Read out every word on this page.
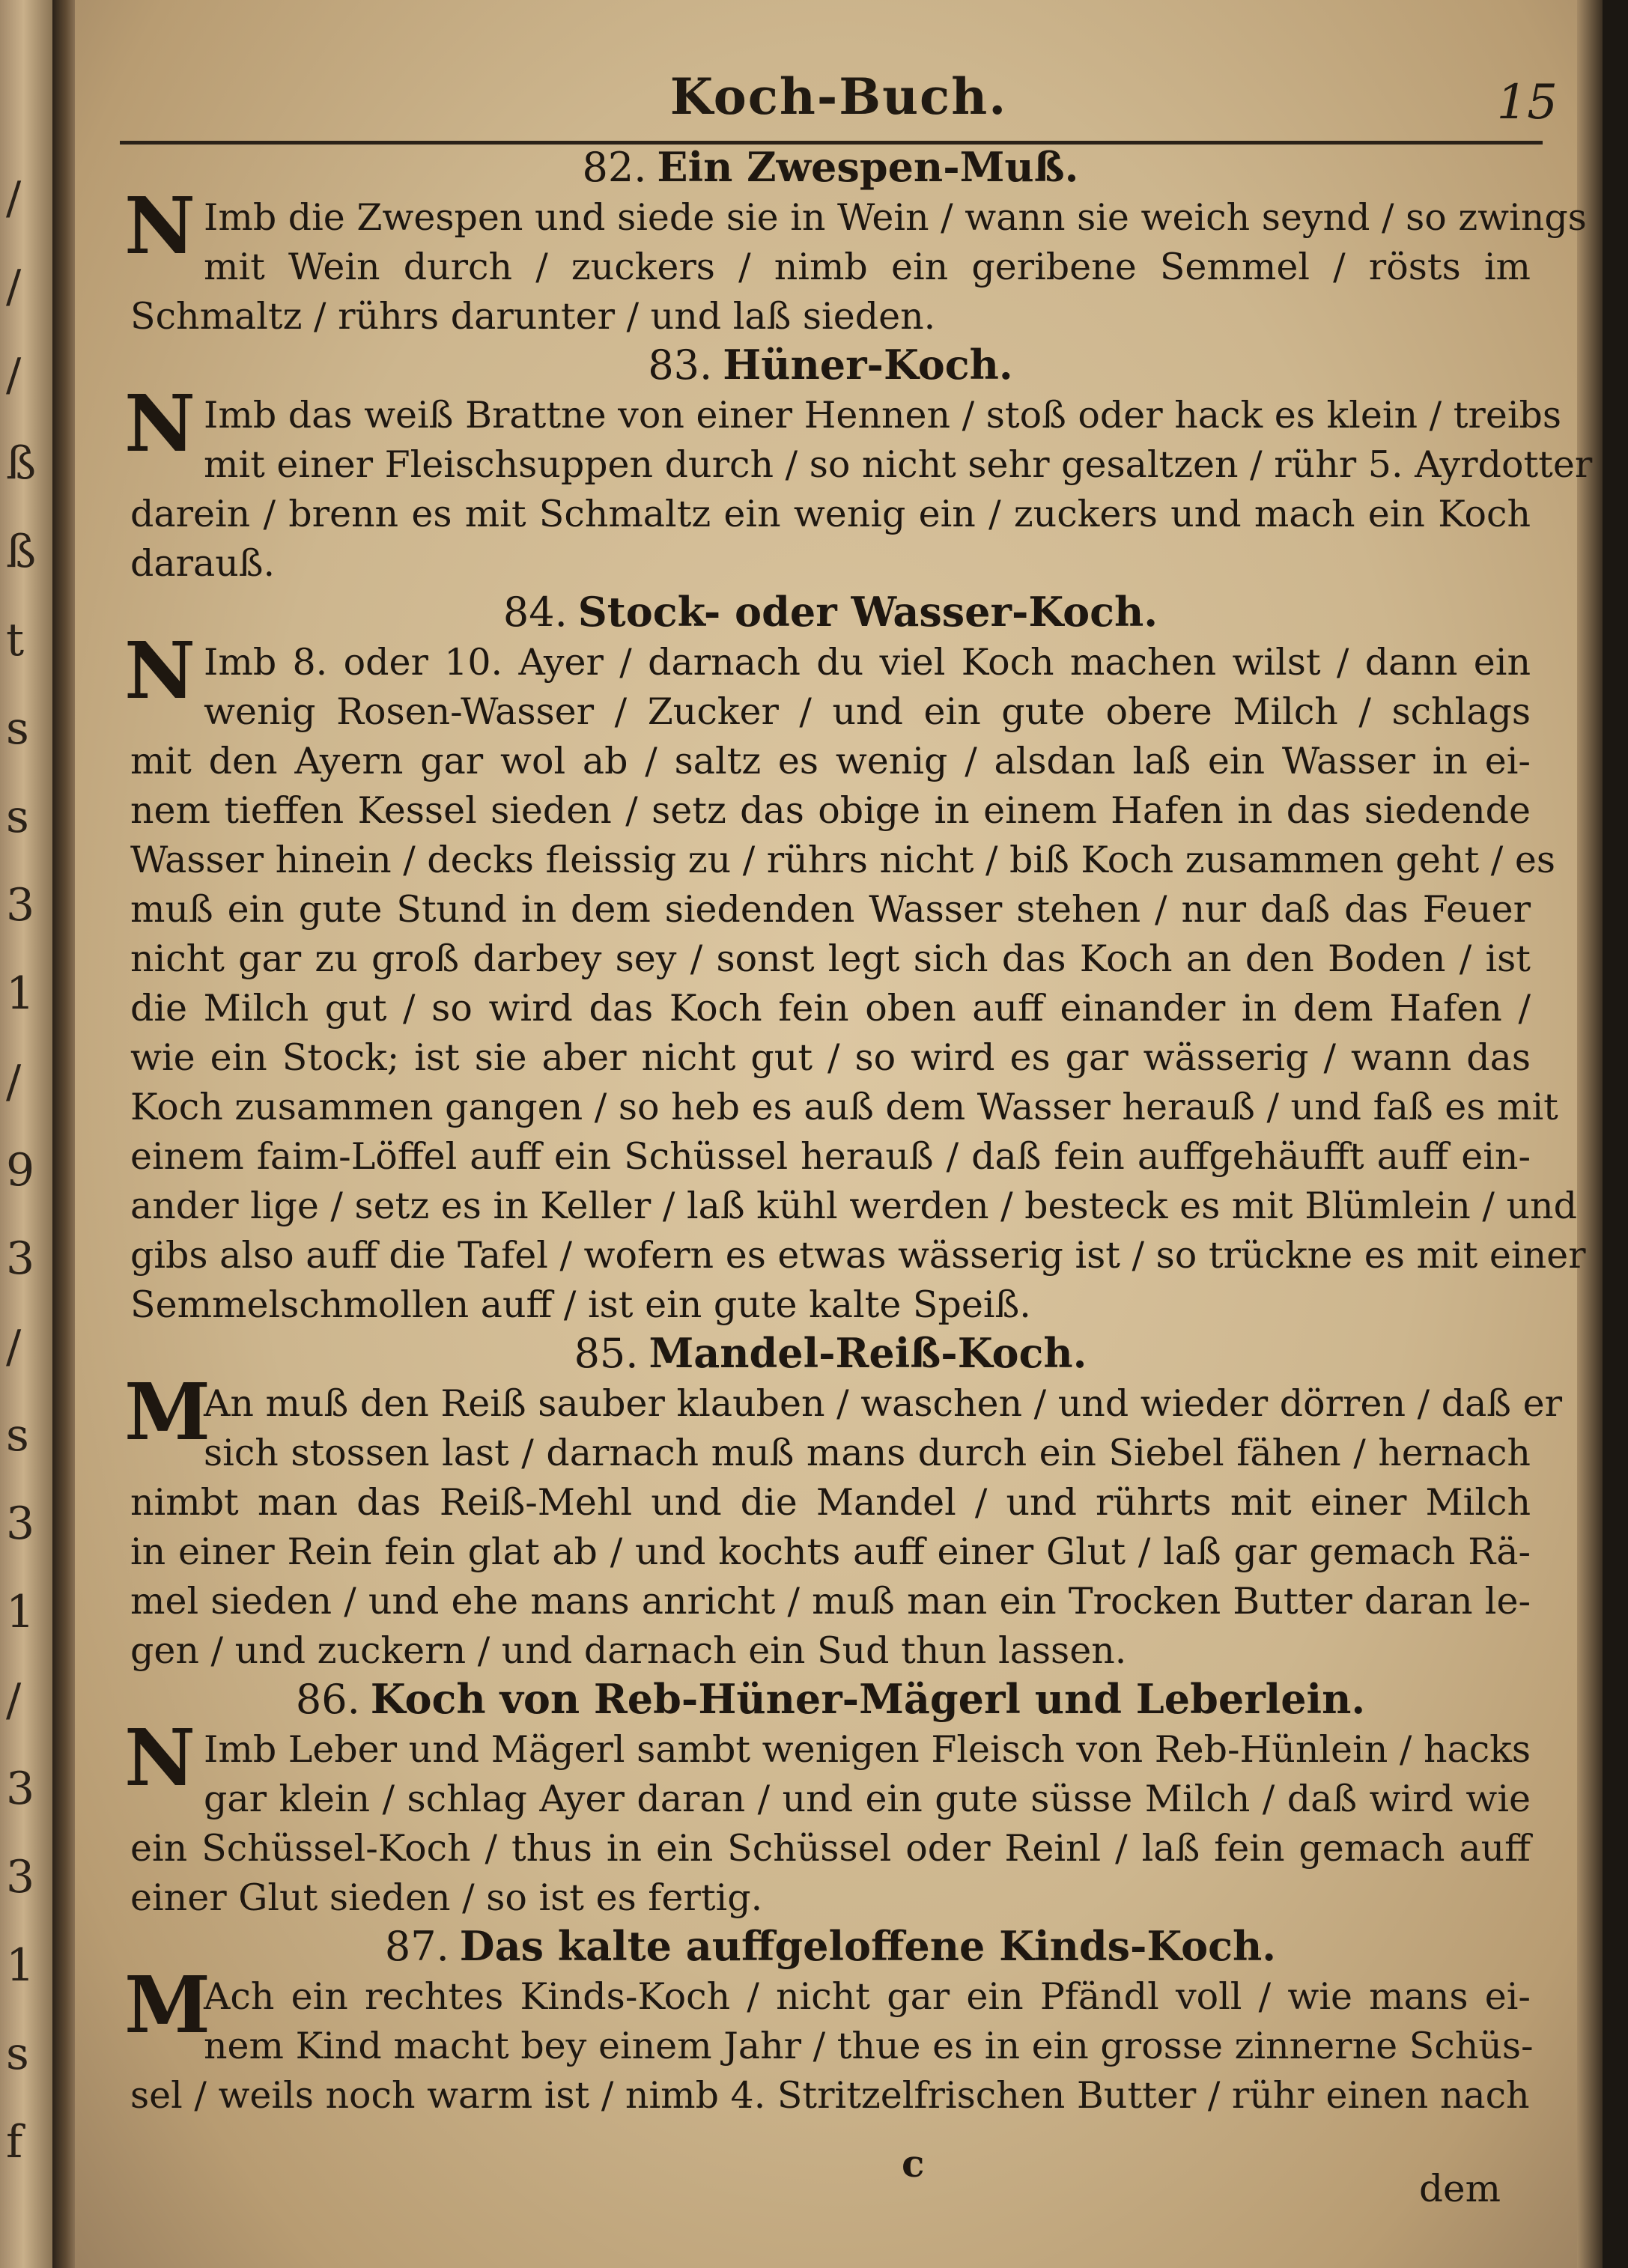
/
/
/
ß
ß
t
s
s
3
1
/
9
3
/
s
3
1
/
3
3
1
s
f
Koch-Buch.	15
82. Ein Zwespen-Muß.
N Imb die Zwespen und siede sie in Wein / wann sie weich seynd / so zwings
mit Wein durch / zuckers / nimb ein geribene Semmel / rösts im
Schmaltz / rührs darunter / und laß sieden.
83. Hüner-Koch.
N Imb das weiß Brattne von einer Hennen / stoß oder hack es klein / treibs
mit einer Fleischsuppen durch / so nicht sehr gesaltzen / rühr 5. Ayrdotter
darein / brenn es mit Schmaltz ein wenig ein / zuckers und mach ein Koch
darauß.
84. Stock- oder Wasser-Koch.
N Imb 8. oder 10. Ayer / darnach du viel Koch machen wilst / dann ein
wenig Rosen-Wasser / Zucker / und ein gute obere Milch / schlags
mit den Ayern gar wol ab / saltz es wenig / alsdan laß ein Wasser in ei-
nem tieffen Kessel sieden / setz das obige in einem Hafen in das siedende
Wasser hinein / decks fleissig zu / rührs nicht / biß Koch zusammen geht / es
muß ein gute Stund in dem siedenden Wasser stehen / nur daß das Feuer
nicht gar zu groß darbey sey / sonst legt sich das Koch an den Boden / ist
die Milch gut / so wird das Koch fein oben auff einander in dem Hafen /
wie ein Stock; ist sie aber nicht gut / so wird es gar wässerig / wann das
Koch zusammen gangen / so heb es auß dem Wasser herauß / und faß es mit
einem faim-Löffel auff ein Schüssel herauß / daß fein auffgehäufft auff ein-
ander lige / setz es in Keller / laß kühl werden / besteck es mit Blümlein / und
gibs also auff die Tafel / wofern es etwas wässerig ist / so trückne es mit einer
Semmelschmollen auff / ist ein gute kalte Speiß.
85. Mandel-Reiß-Koch.
M
An muß den Reiß sauber klauben / waschen / und wieder dörren / daß er
sich stossen last / darnach muß mans durch ein Siebel fähen / hernach
nimbt man das Reiß-Mehl und die Mandel / und rührts mit einer Milch
in einer Rein fein glat ab / und kochts auff einer Glut / laß gar gemach Rä-
mel sieden / und ehe mans anricht / muß man ein Trocken Butter daran le-
gen / und zuckern / und darnach ein Sud thun lassen.
86. Koch von Reb-Hüner-Mägerl und Leberlein.
N Imb Leber und Mägerl sambt wenigen Fleisch von Reb-Hünlein / hacks
gar klein / schlag Ayer daran / und ein gute süsse Milch / daß wird wie
ein Schüssel-Koch / thus in ein Schüssel oder Reinl / laß fein gemach auff
einer Glut sieden / so ist es fertig.
87. Das kalte auffgeloffene Kinds-Koch.
M
Ach ein rechtes Kinds-Koch / nicht gar ein Pfändl voll / wie mans ei-
nem Kind macht bey einem Jahr / thue es in ein grosse zinnerne Schüs-
sel / weils noch warm ist / nimb 4. Stritzelfrischen Butter / rühr einen nach
c
dem
